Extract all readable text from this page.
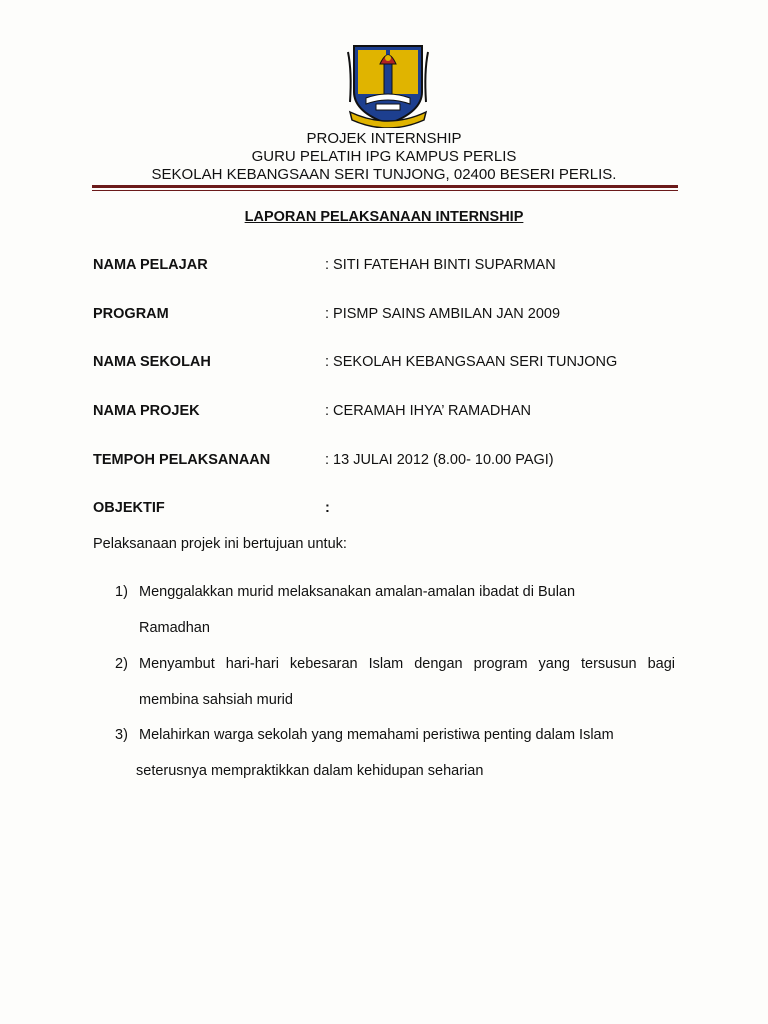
PROJEK INTERNSHIP
GURU PELATIH IPG KAMPUS PERLIS
SEKOLAH KEBANGSAAN SERI TUNJONG, 02400 BESERI PERLIS.
LAPORAN PELAKSANAAN INTERNSHIP
NAMA PELAJAR	: SITI FATEHAH BINTI SUPARMAN
PROGRAM	: PISMP SAINS AMBILAN JAN 2009
NAMA SEKOLAH	: SEKOLAH KEBANGSAAN SERI TUNJONG
NAMA PROJEK	: CERAMAH IHYA’ RAMADHAN
TEMPOH PELAKSANAAN	: 13 JULAI 2012 (8.00- 10.00 PAGI)
OBJEKTIF	:
Pelaksanaan projek ini bertujuan untuk:
1) Menggalakkan murid melaksanakan amalan-amalan ibadat di Bulan
Ramadhan
2) Menyambut hari-hari kebesaran Islam dengan program yang tersusun bagi
membina sahsiah murid
3) Melahirkan warga sekolah yang memahami peristiwa penting dalam Islam
seterusnya mempraktikkan dalam kehidupan seharian
